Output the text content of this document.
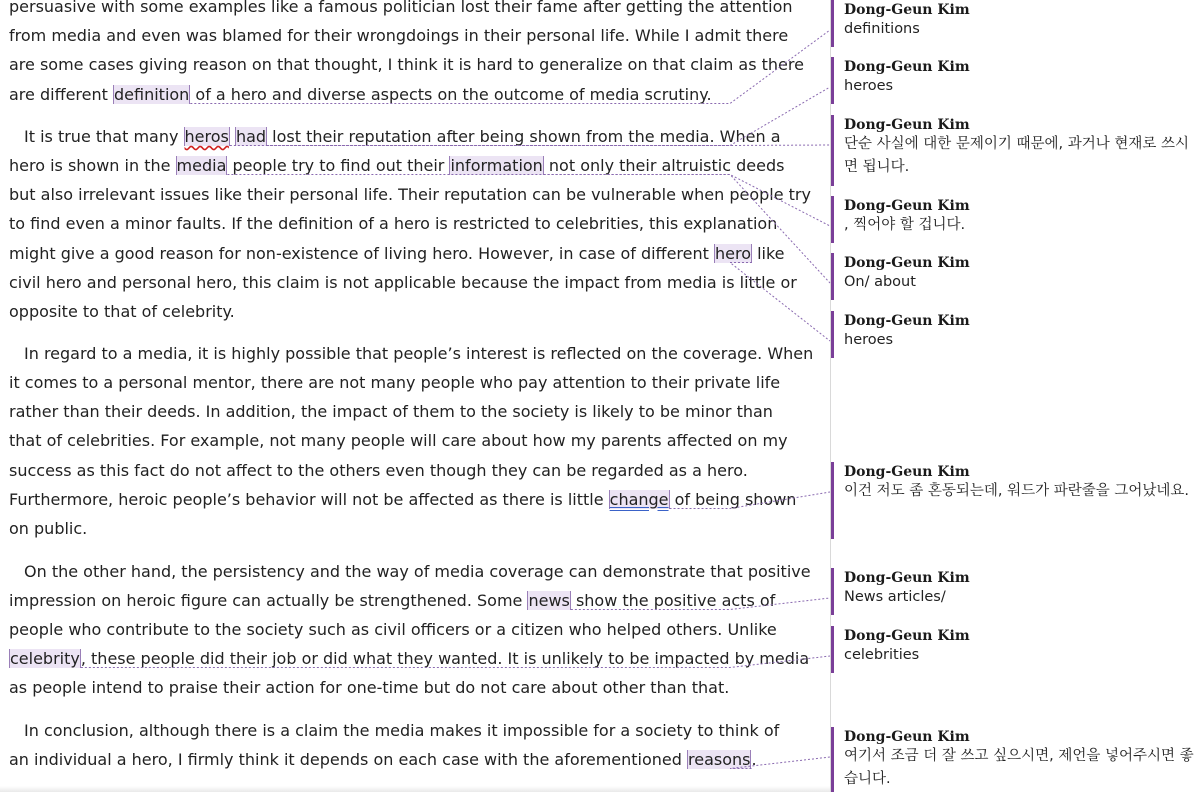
persuasive with some examples like a famous politician lost their fame after getting the attention
from media and even was blamed for their wrongdoings in their personal life. While I admit there
are some cases giving reason on that thought, I think it is hard to generalize on that claim as there
are different definition of a hero and diverse aspects on the outcome of media scrutiny.
It is true that many heros had lost their reputation after being shown from the media. When a
hero is shown in the media people try to find out their information not only their altruistic deeds
but also irrelevant issues like their personal life. Their reputation can be vulnerable when people try
to find even a minor faults. If the definition of a hero is restricted to celebrities, this explanation
might give a good reason for non-existence of living hero. However, in case of different hero like
civil hero and personal hero, this claim is not applicable because the impact from media is little or
opposite to that of celebrity.
In regard to a media, it is highly possible that people’s interest is reflected on the coverage. When
it comes to a personal mentor, there are not many people who pay attention to their private life
rather than their deeds. In addition, the impact of them to the society is likely to be minor than
that of celebrities. For example, not many people will care about how my parents affected on my
success as this fact do not affect to the others even though they can be regarded as a hero.
Furthermore, heroic people’s behavior will not be affected as there is little change of being shown
on public.
On the other hand, the persistency and the way of media coverage can demonstrate that positive
impression on heroic figure can actually be strengthened. Some news show the positive acts of
people who contribute to the society such as civil officers or a citizen who helped others. Unlike
celebrity, these people did their job or did what they wanted. It is unlikely to be impacted by media
as people intend to praise their action for one-time but do not care about other than that.
In conclusion, although there is a claim the media makes it impossible for a society to think of
an individual a hero, I firmly think it depends on each case with the aforementioned reasons.
Dong-Geun Kim
definitions
Dong-Geun Kim
heroes
Dong-Geun Kim
단순 사실에 대한 문제이기 때문에, 과거나 현재로 쓰시면 됩니다.
Dong-Geun Kim
, 찍어야 할 겁니다.
Dong-Geun Kim
On/ about
Dong-Geun Kim
heroes
Dong-Geun Kim
이건 저도 좀 혼동되는데, 워드가 파란줄을 그어났네요.
Dong-Geun Kim
News articles/
Dong-Geun Kim
celebrities
Dong-Geun Kim
여기서 조금 더 잘 쓰고 싶으시면, 제언을 넣어주시면 좋습니다.
